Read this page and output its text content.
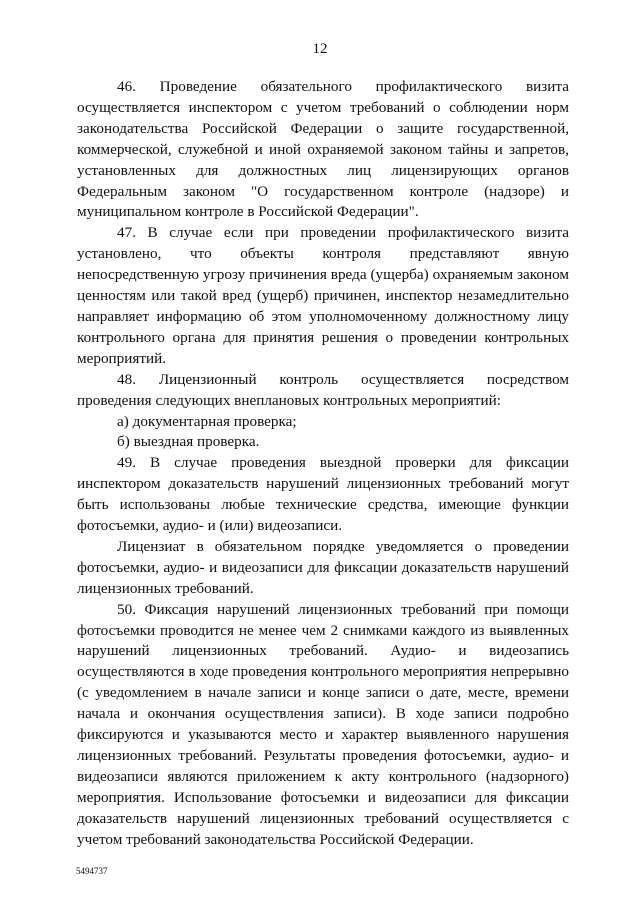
12

46. Проведение обязательного профилактического визита осуществляется инспектором с учетом требований о соблюдении норм законодательства Российской Федерации о защите государственной, коммерческой, служебной и иной охраняемой законом тайны и запретов, установленных для должностных лиц лицензирующих органов Федеральным законом "О государственном контроле (надзоре) и муниципальном контроле в Российской Федерации".

47. В случае если при проведении профилактического визита установлено, что объекты контроля представляют явную непосредственную угрозу причинения вреда (ущерба) охраняемым законом ценностям или такой вред (ущерб) причинен, инспектор незамедлительно направляет информацию об этом уполномоченному должностному лицу контрольного органа для принятия решения о проведении контрольных мероприятий.

48. Лицензионный контроль осуществляется посредством проведения следующих внеплановых контрольных мероприятий:

а) документарная проверка;

б) выездная проверка.

49. В случае проведения выездной проверки для фиксации инспектором доказательств нарушений лицензионных требований могут быть использованы любые технические средства, имеющие функции фотосъемки, аудио- и (или) видеозаписи.

Лицензиат в обязательном порядке уведомляется о проведении фотосъемки, аудио- и видеозаписи для фиксации доказательств нарушений лицензионных требований.

50. Фиксация нарушений лицензионных требований при помощи фотосъемки проводится не менее чем 2 снимками каждого из выявленных нарушений лицензионных требований. Аудио- и видеозапись осуществляются в ходе проведения контрольного мероприятия непрерывно (с уведомлением в начале записи и конце записи о дате, месте, времени начала и окончания осуществления записи). В ходе записи подробно фиксируются и указываются место и характер выявленного нарушения лицензионных требований. Результаты проведения фотосъемки, аудио- и видеозаписи являются приложением к акту контрольного (надзорного) мероприятия. Использование фотосъемки и видеозаписи для фиксации доказательств нарушений лицензионных требований осуществляется с учетом требований законодательства Российской Федерации.

5494737
